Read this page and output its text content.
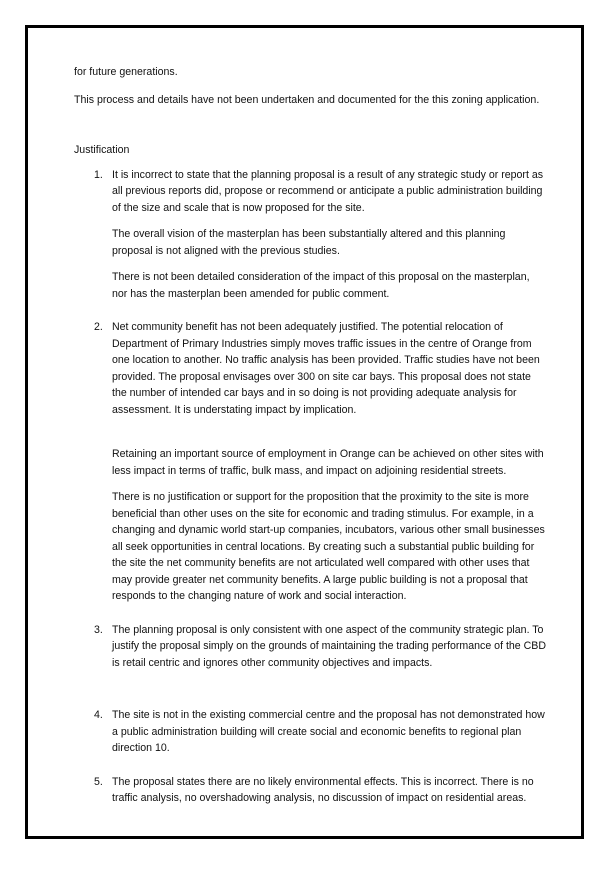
for future generations.

This process and details have not been undertaken and documented for the this zoning application.

Justification

1. It is incorrect to state that the planning proposal is a result of any strategic study or report as all previous reports did, propose or recommend or anticipate a public administration building of the size and scale that is now proposed for the site.

The overall vision of the masterplan has been substantially altered and this planning proposal is not aligned with the previous studies.

There is not been detailed consideration of the impact of this proposal on the masterplan, nor has the masterplan been amended for public comment.

2. Net community benefit has not been adequately justified. The potential relocation of Department of Primary Industries simply moves traffic issues in the centre of Orange from one location to another. No traffic analysis has been provided. Traffic studies have not been provided. The proposal envisages over 300 on site car bays. This proposal does not state the number of intended car bays and in so doing is not providing adequate analysis for assessment. It is understating impact by implication.

Retaining an important source of employment in Orange can be achieved on other sites with less impact in terms of traffic, bulk mass, and impact on adjoining residential streets.

There is no justification or support for the proposition that the proximity to the site is more beneficial than other uses on the site for economic and trading stimulus. For example, in a changing and dynamic world start-up companies, incubators, various other small businesses all seek opportunities in central locations. By creating such a substantial public building for the site the net community benefits are not articulated well compared with other uses that may provide greater net community benefits. A large public building is not a proposal that responds to the changing nature of work and social interaction.

3. The planning proposal is only consistent with one aspect of the community strategic plan. To justify the proposal simply on the grounds of maintaining the trading performance of the CBD is retail centric and ignores other community objectives and impacts.

4. The site is not in the existing commercial centre and the proposal has not demonstrated how a public administration building will create social and economic benefits to regional plan direction 10.

5. The proposal states there are no likely environmental effects. This is incorrect. There is no traffic analysis, no overshadowing analysis, no discussion of impact on residential areas.
